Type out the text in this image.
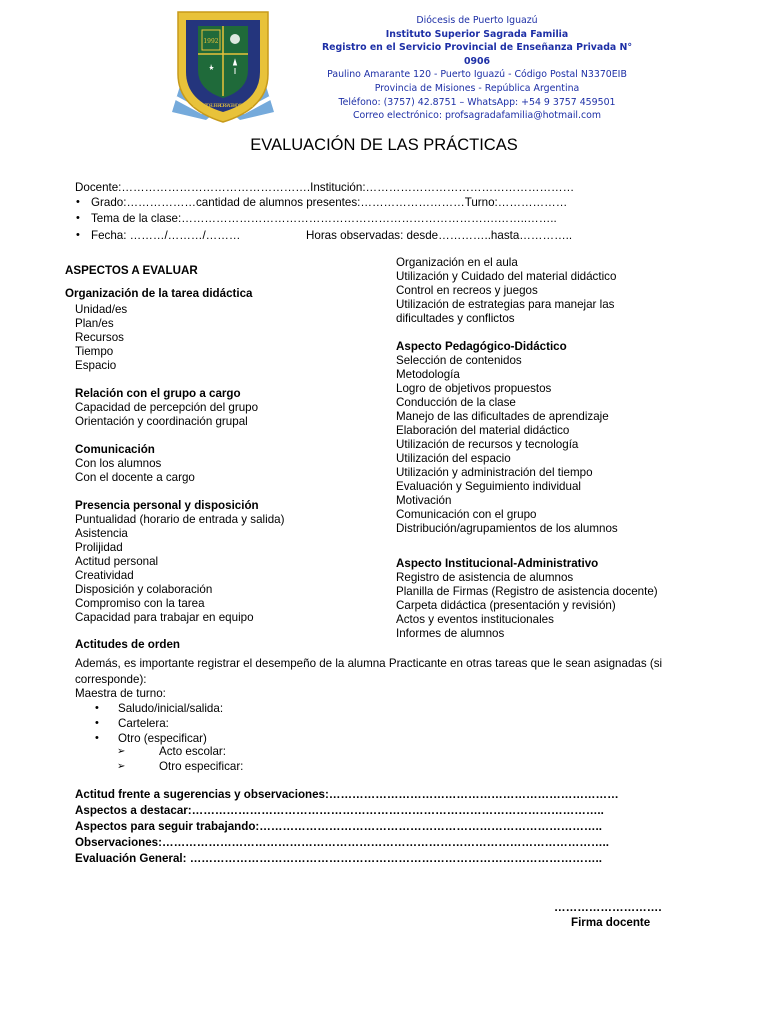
1992
INSTITUTO SUPERIOR SAGRADA FAMILIA
Diócesis de Puerto Iguazú
Instituto Superior Sagrada Familia
Registro en el Servicio Provincial de Enseñanza Privada N° 0906
Paulino Amarante 120 - Puerto Iguazú - Código Postal N3370EIB
Provincia de Misiones - República Argentina
Teléfono: (3757) 42.8751 – WhatsApp: +54 9 3757 459501
Correo electrónico: profsagradafamilia@hotmail.com
EVALUACIÓN DE LAS PRÁCTICAS
Docente:………………………………………….Institución:………………………………………………
• Grado:………………cantidad de alumnos presentes:………………………Turno:………………
• Tema de la clase:……………………………………………………………………….……..……..
• Fecha: ………/………/………	Horas observadas: desde…………..hasta…………..
ASPECTOS A EVALUAR
Organización de la tarea didáctica
Unidad/es
Plan/es
Recursos
Tiempo
Espacio
Relación con el grupo a cargo
Capacidad de percepción del grupo
Orientación y coordinación grupal
Comunicación
Con los alumnos
Con el docente a cargo
Presencia personal y disposición
Puntualidad (horario de entrada y salida)
Asistencia
Prolijidad
Actitud personal
Creatividad
Disposición y colaboración
Compromiso con la tarea
Capacidad para trabajar en equipo
Organización en el aula
Utilización y Cuidado del material didáctico
Control en recreos y juegos
Utilización de estrategias para manejar las
dificultades y conflictos
Aspecto Pedagógico-Didáctico
Selección de contenidos
Metodología
Logro de objetivos propuestos
Conducción de la clase
Manejo de las dificultades de aprendizaje
Elaboración del material didáctico
Utilización de recursos y tecnología
Utilización del espacio
Utilización y administración del tiempo
Evaluación y Seguimiento individual
Motivación
Comunicación con el grupo
Distribución/agrupamientos de los alumnos
Aspecto Institucional-Administrativo
Registro de asistencia de alumnos
Planilla de Firmas (Registro de asistencia docente)
Carpeta didáctica (presentación y revisión)
Actos y eventos institucionales
Informes de alumnos
Actitudes de orden
Además, es importante registrar el desempeño de la alumna Practicante en otras tareas que le sean asignadas (si corresponde):
Maestra de turno:
• Saludo/inicial/salida:
• Cartelera:
• Otro (especificar)
➢	Acto escolar:
➢	Otro especificar:
Actitud frente a sugerencias y observaciones:…………………………………………………………………
Aspectos a destacar:……………………………………………………………………………………………..
Aspectos para seguir trabajando:……………………………………………………………………………..
Observaciones:……………………………………………………………………………………………………..
Evaluación General: ……………………………………………………………………………………………..
……………………….
Firma docente
